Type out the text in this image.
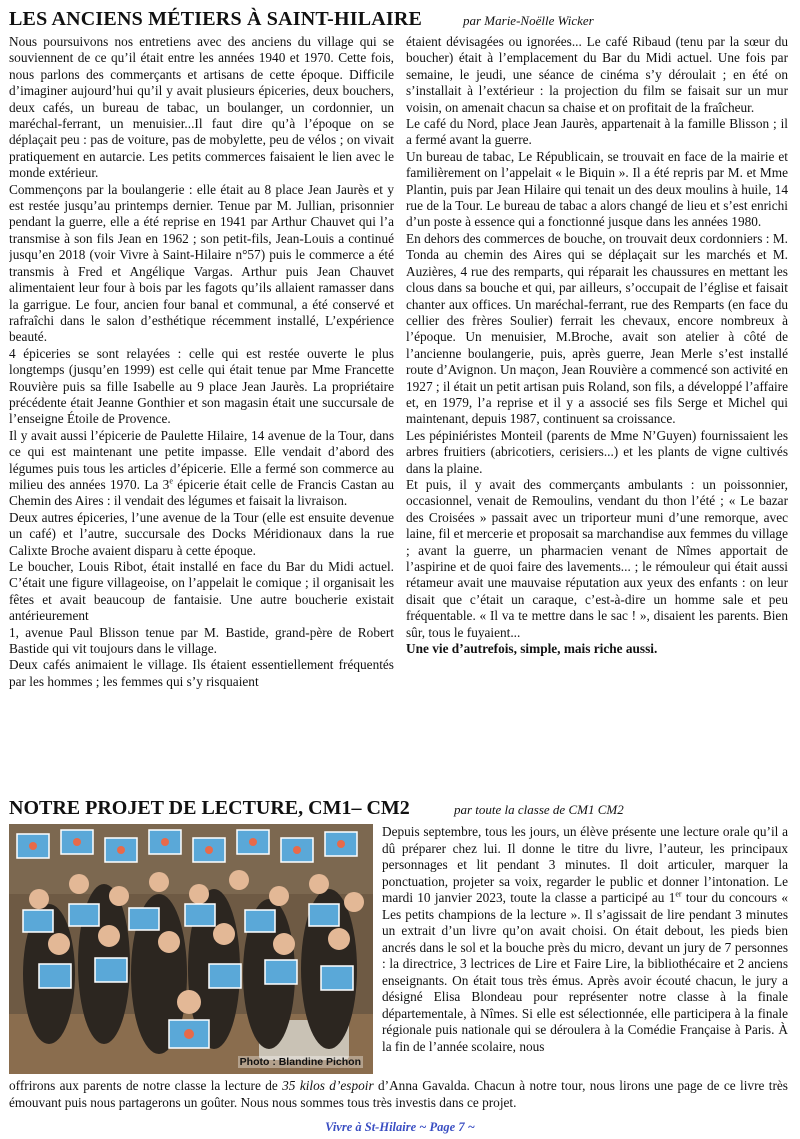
LES ANCIENS MÉTIERS À SAINT-HILAIRE	par Marie-Noëlle Wicker

Nous poursuivons nos entretiens avec des anciens du village qui se souviennent de ce qu’il était entre les années 1940 et 1970. Cette fois, nous parlons des commerçants et artisans de cette époque. Difficile d’imaginer aujourd’hui qu’il y avait plusieurs épiceries, deux bouchers, deux cafés, un bureau de tabac, un boulanger, un cordonnier, un maréchal-ferrant, un menuisier...Il faut dire qu’à l’époque on se déplaçait peu : pas de voiture, pas de mobylette, peu de vélos ; on vivait pratiquement en autarcie. Les petits commerces faisaient le lien avec le monde extérieur.

Commençons par la boulangerie : elle était au 8 place Jean Jaurès et y est restée jusqu’au printemps dernier. Tenue par M. Jullian, prisonnier pendant la guerre, elle a été reprise en 1941 par Arthur Chauvet qui l’a transmise à son fils Jean en 1962 ; son petit-fils, Jean-Louis a continué jusqu’en 2018 (voir Vivre à Saint-Hilaire n°57) puis le commerce a été transmis à Fred et Angélique Vargas. Arthur puis Jean Chauvet alimentaient leur four à bois par les fagots qu’ils allaient ramasser dans la garrigue. Le four, ancien four banal et communal, a été conservé et rafraîchi dans le salon d’esthétique récemment installé, L’expérience beauté.

4 épiceries se sont relayées : celle qui est restée ouverte le plus longtemps (jusqu’en 1999) est celle qui était tenue par Mme Francette Rouvière puis sa fille Isabelle au 9 place Jean Jaurès. La propriétaire précédente était Jeanne Gonthier et son magasin était une succursale de l’enseigne Étoile de Provence.

Il y avait aussi l’épicerie de Paulette Hilaire, 14 avenue de la Tour, dans ce qui est maintenant une petite impasse. Elle vendait d’abord des légumes puis tous les articles d’épicerie. Elle a fermé son commerce au milieu des années 1970. La 3e épicerie était celle de Francis Castan au Chemin des Aires : il vendait des légumes et faisait la livraison.

Deux autres épiceries, l’une avenue de la Tour (elle est ensuite devenue un café) et l’autre, succursale des Docks Méridionaux dans la rue Calixte Broche avaient disparu à cette époque.

Le boucher, Louis Ribot, était installé en face du Bar du Midi actuel. C’était une figure villageoise, on l’appelait le comique ; il organisait les fêtes et avait beaucoup de fantaisie. Une autre boucherie existait antérieurement

1, avenue Paul Blisson tenue par M. Bastide, grand-père de Robert Bastide qui vit toujours dans le village.

Deux cafés animaient le village. Ils étaient essentiellement fréquentés par les hommes ; les femmes qui s’y risquaient

étaient dévisagées ou ignorées... Le café Ribaud (tenu par la sœur du boucher) était à l’emplacement du Bar du Midi actuel. Une fois par semaine, le jeudi, une séance de cinéma s’y déroulait ; en été on s’installait à l’extérieur : la projection du film se faisait sur un mur voisin, on amenait chacun sa chaise et on profitait de la fraîcheur.

Le café du Nord, place Jean Jaurès, appartenait à la famille Blisson ; il a fermé avant la guerre.

Un bureau de tabac, Le Républicain, se trouvait en face de la mairie et familièrement on l’appelait « le Biquin ». Il a été repris par M. et Mme Plantin, puis par Jean Hilaire qui tenait un des deux moulins à huile, 14 rue de la Tour. Le bureau de tabac a alors changé de lieu et s’est enrichi d’un poste à essence qui a fonctionné jusque dans les années 1980.

En dehors des commerces de bouche, on trouvait deux cordonniers : M. Tonda au chemin des Aires qui se déplaçait sur les marchés et M. Auzières, 4 rue des remparts, qui réparait les chaussures en mettant les clous dans sa bouche et qui, par ailleurs, s’occupait de l’église et faisait chanter aux offices. Un maréchal-ferrant, rue des Remparts (en face du cellier des frères Soulier) ferrait les chevaux, encore nombreux à l’époque. Un menuisier, M.Broche, avait son atelier à côté de l’ancienne boulangerie, puis, après guerre, Jean Merle s’est installé route d’Avignon. Un maçon, Jean Rouvière a commencé son activité en 1927 ; il était un petit artisan puis Roland, son fils, a développé l’affaire et, en 1979, l’a reprise et il y a associé ses fils Serge et Michel qui maintenant, depuis 1987, continuent sa croissance.

Les pépiniéristes Monteil (parents de Mme N’Guyen) fournissaient les arbres fruitiers (abricotiers, cerisiers...) et les plants de vigne cultivés dans la plaine.

Et puis, il y avait des commerçants ambulants : un poissonnier, occasionnel, venait de Remoulins, vendant du thon l’été ; « Le bazar des Croisées » passait avec un triporteur muni d’une remorque, avec laine, fil et mercerie et proposait sa marchandise aux femmes du village ; avant la guerre, un pharmacien venant de Nîmes apportait de l’aspirine et de quoi faire des lavements... ; le rémouleur qui était aussi rétameur avait une mauvaise réputation aux yeux des enfants : on leur disait que c’était un caraque, c’est-à-dire un homme sale et peu fréquentable. « Il va te mettre dans le sac ! », disaient les parents. Bien sûr, tous le fuyaient...

Une vie d’autrefois, simple, mais riche aussi.

NOTRE PROJET DE LECTURE, CM1– CM2	par toute la classe de CM1 CM2
Photo : Blandine Pichon
Depuis septembre, tous les jours, un élève présente une lecture orale qu’il a dû préparer chez lui. Il donne le titre du livre, l’auteur, les principaux personnages et lit pendant 3 minutes. Il doit articuler, marquer la ponctuation, projeter sa voix, regarder le public et donner l’intonation. Le mardi 10 janvier 2023, toute la classe a participé au 1er tour du concours « Les petits champions de la lecture ». Il s’agissait de lire pendant 3 minutes un extrait d’un livre qu’on avait choisi. On était debout, les pieds bien ancrés dans le sol et la bouche près du micro, devant un jury de 7 personnes : la directrice, 3 lectrices de Lire et Faire Lire, la bibliothécaire et 2 anciens enseignants. On était tous très émus. Après avoir écouté chacun, le jury a désigné Elisa Blondeau pour représenter notre classe à la finale départementale, à Nîmes. Si elle est sélectionnée, elle participera à la finale régionale puis nationale qui se déroulera à la Comédie Française à Paris. À la fin de l’année scolaire, nous
offrirons aux parents de notre classe la lecture de 35 kilos d’espoir d’Anna Gavalda. Chacun à notre tour, nous lirons une page de ce livre très émouvant puis nous partagerons un goûter. Nous nous sommes tous très investis dans ce projet.
Vivre à St-Hilaire ~ Page 7 ~
